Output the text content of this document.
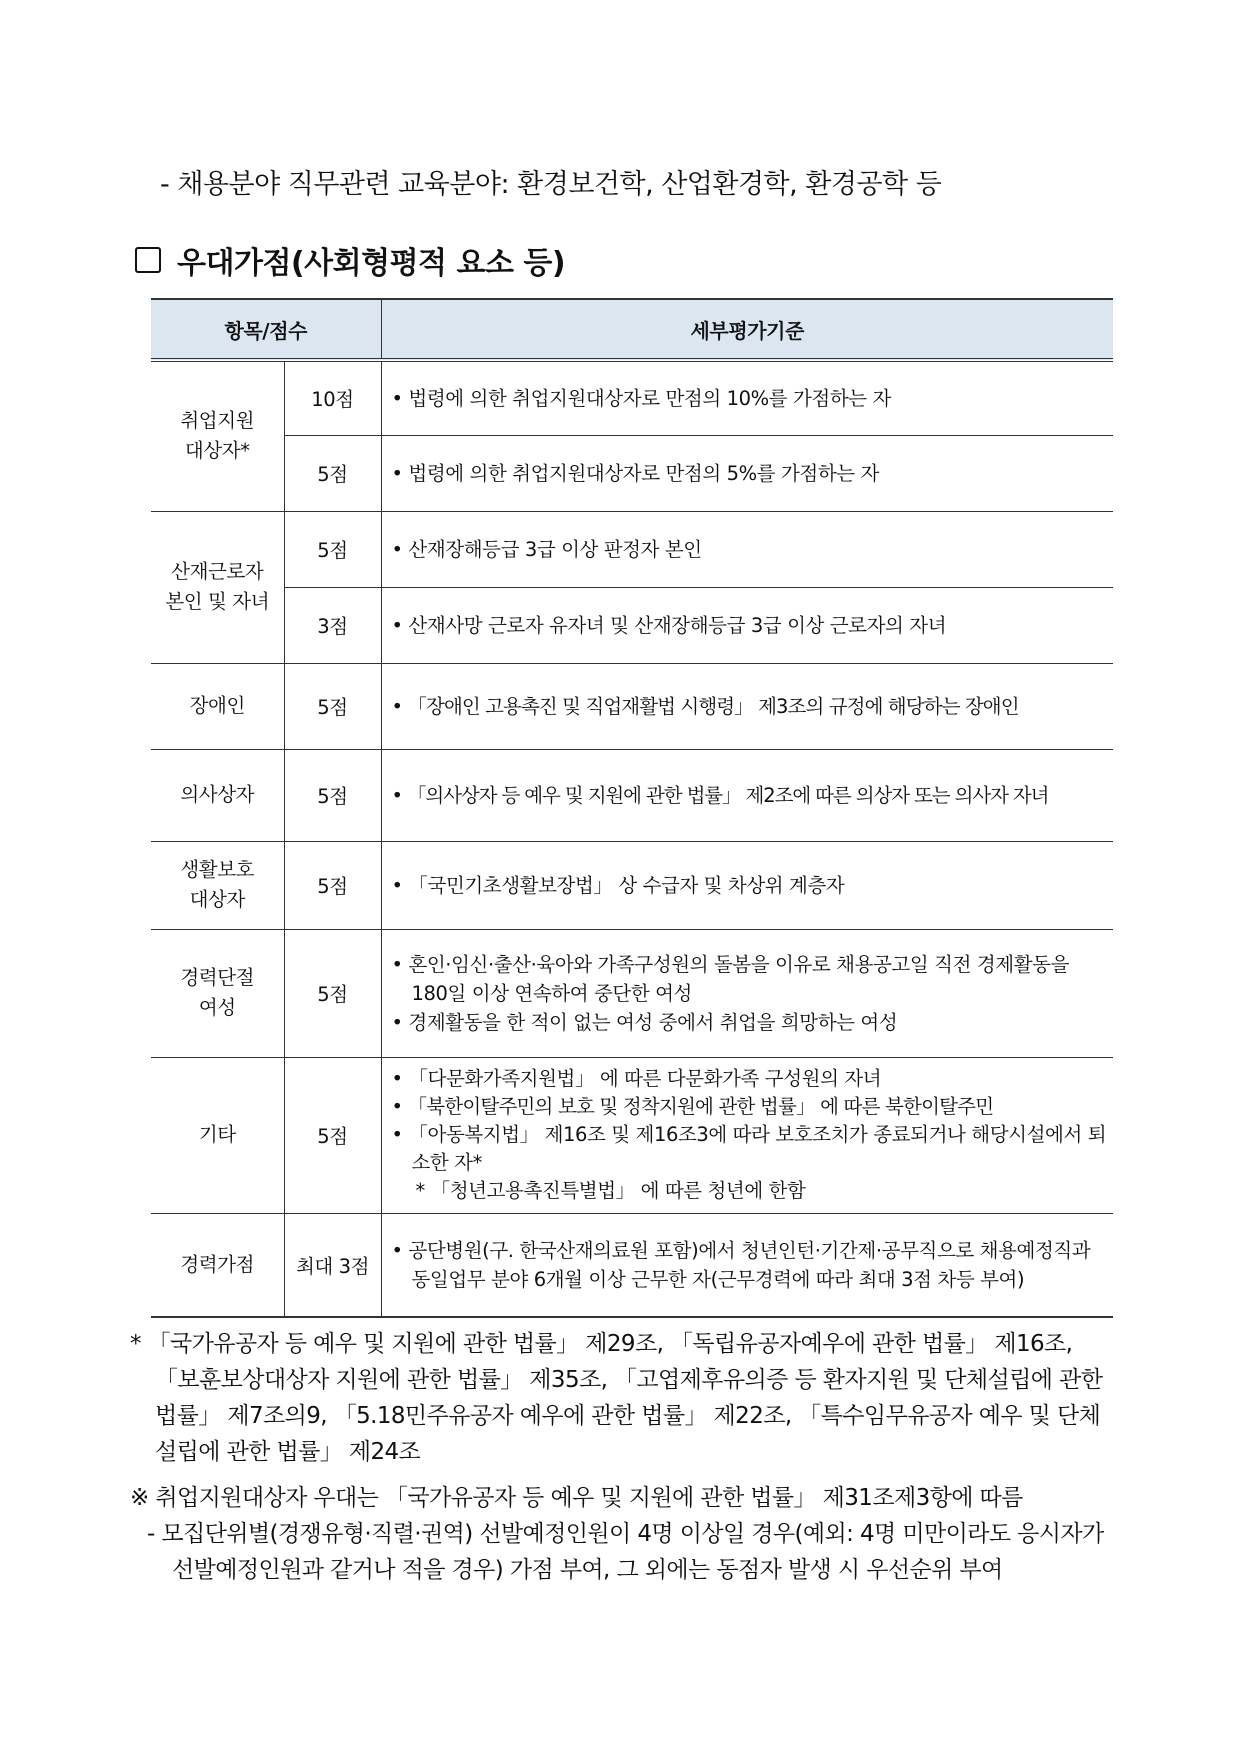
- 채용분야 직무관련 교육분야: 환경보건학, 산업환경학, 환경공학 등
우대가점(사회형평적 요소 등)
항목/점수		세부평가기준
취업지원
대상자*	10점	• 법령에 의한 취업지원대상자로 만점의 10%를 가점하는 자

	5점	• 법령에 의한 취업지원대상자로 만점의 5%를 가점하는 자

산재근로자
본인 및 자녀	5점	• 산재장해등급 3급 이상 판정자 본인

	3점	• 산재사망 근로자 유자녀 및 산재장해등급 3급 이상 근로자의 자녀

장애인	5점	• 「장애인 고용촉진 및 직업재활법 시행령」 제3조의 규정에 해당하는 장애인

의사상자	5점	• 「의사상자 등 예우 및 지원에 관한 법률」 제2조에 따른 의상자 또는 의사자 자녀

생활보호
대상자	5점	• 「국민기초생활보장법」 상 수급자 및 차상위 계층자

경력단절
여성	5점	• 혼인·임신·출산·육아와 가족구성원의 돌봄을 이유로 채용공고일 직전 경제활동을 180일 이상 연속하여 중단한 여성
• 경제활동을 한 적이 없는 여성 중에서 취업을 희망하는 여성

기타	5점	• 「다문화가족지원법」 에 따른 다문화가족 구성원의 자녀
• 「북한이탈주민의 보호 및 정착지원에 관한 법률」 에 따른 북한이탈주민
• 「아동복지법」 제16조 및 제16조3에 따라 보호조치가 종료되거나 해당시설에서 퇴소한 자*
* 「청년고용촉진특별법」 에 따른 청년에 한함

경력가점	최대 3점	• 공단병원(구. 한국산재의료원 포함)에서 청년인턴·기간제·공무직으로 채용예정직과 동일업무 분야 6개월 이상 근무한 자(근무경력에 따라 최대 3점 차등 부여)
* 「국가유공자 등 예우 및 지원에 관한 법률」 제29조, 「독립유공자예우에 관한 법률」 제16조, 「보훈보상대상자 지원에 관한 법률」 제35조, 「고엽제후유의증 등 환자지원 및 단체설립에 관한 법률」 제7조의9, 「5.18민주유공자 예우에 관한 법률」 제22조, 「특수임무유공자 예우 및 단체설립에 관한 법률」 제24조
※ 취업지원대상자 우대는 「국가유공자 등 예우 및 지원에 관한 법률」 제31조제3항에 따름
- 모집단위별(경쟁유형·직렬·권역) 선발예정인원이 4명 이상일 경우(예외: 4명 미만이라도 응시자가 선발예정인원과 같거나 적을 경우) 가점 부여, 그 외에는 동점자 발생 시 우선순위 부여
